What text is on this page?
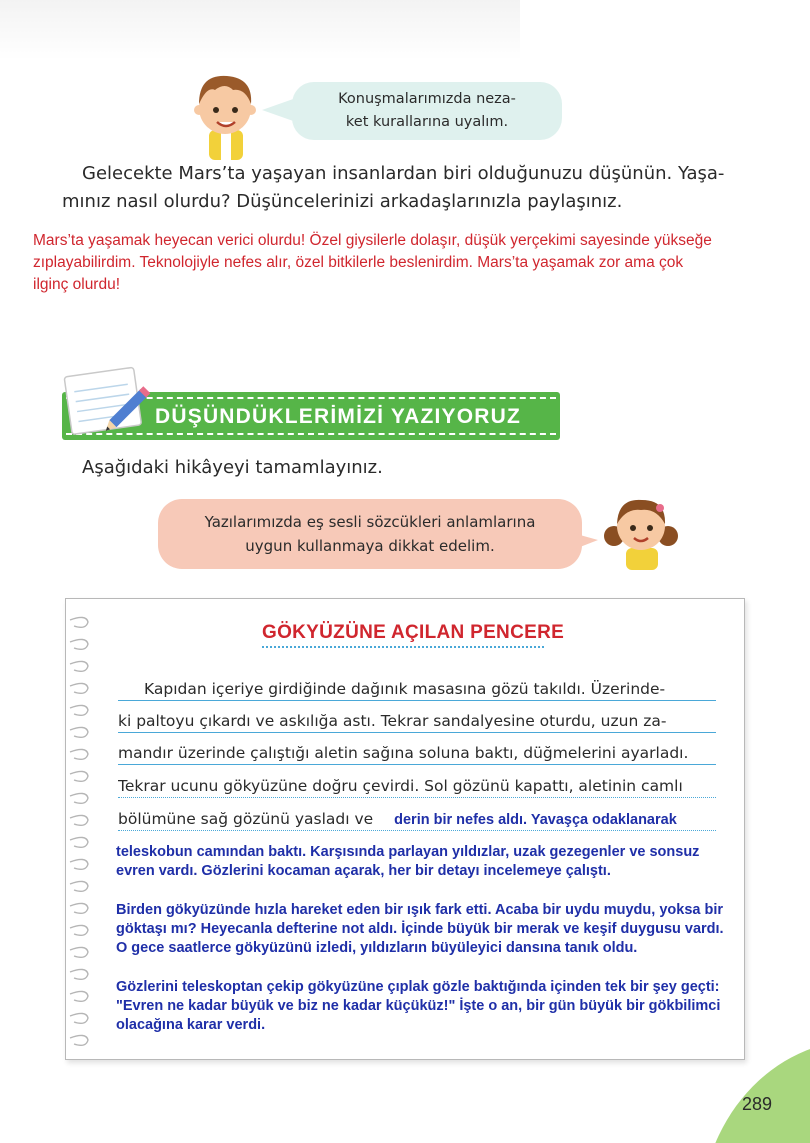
Konuşmalarımızda neza-
ket kurallarına uyalım.
Gelecekte Mars’ta yaşayan insanlardan biri olduğunuzu düşünün. Yaşa-
mınız nasıl olurdu? Düşüncelerinizi arkadaşlarınızla paylaşınız.
Mars’ta yaşamak heyecan verici olurdu! Özel giysilerle dolaşır, düşük yerçekimi sayesinde yükseğe
zıplayabilirdim. Teknolojiyle nefes alır, özel bitkilerle beslenirdim. Mars’ta yaşamak zor ama çok
ilginç olurdu!
DÜŞÜNDÜKLERİMİZİ YAZIYORUZ
Aşağıdaki hikâyeyi tamamlayınız.
Yazılarımızda eş sesli sözcükleri anlamlarına
uygun kullanmaya dikkat edelim.
GÖKYÜZÜNE AÇILAN PENCERE
Kapıdan içeriye girdiğinde dağınık masasına gözü takıldı. Üzerinde-
ki paltoyu çıkardı ve askılığa astı. Tekrar sandalyesine oturdu, uzun za-
mandır üzerinde çalıştığı aletin sağına soluna baktı, düğmelerini ayarladı.
Tekrar ucunu gökyüzüne doğru çevirdi. Sol gözünü kapattı, aletinin camlı
bölümüne sağ gözünü yasladı ve derin bir nefes aldı. Yavaşça odaklanarak
teleskobun camından baktı. Karşısında parlayan yıldızlar, uzak gezegenler ve sonsuz evren vardı. Gözlerini kocaman açarak, her bir detayı incelemeye çalıştı.
Birden gökyüzünde hızla hareket eden bir ışık fark etti. Acaba bir uydu muydu, yoksa bir göktaşı mı? Heyecanla defterine not aldı. İçinde büyük bir merak ve keşif duygusu vardı. O gece saatlerce gökyüzünü izledi, yıldızların büyüleyici dansına tanık oldu.
Gözlerini teleskoptan çekip gökyüzüne çıplak gözle baktığında içinden tek bir şey geçti: "Evren ne kadar büyük ve biz ne kadar küçüküz!" İşte o an, bir gün büyük bir gökbilimci olacağına karar verdi.
289
